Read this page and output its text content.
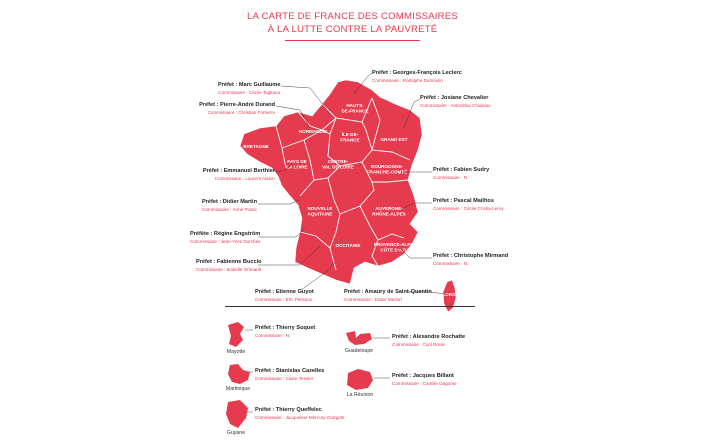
LA CARTE DE FRANCE DES COMMISSAIRES
À LA LUTTE CONTRE LA PAUVRETÉ
HAUTS-DE-FRANCE
NORMANDIE
ÎLE-DE-FRANCE	GRAND EST
BRETAGNE
PAYS DE LA LOIRE
CENTRE-VAL DE LOIRE	BOURGOGNE-FRANCHE-COMTÉ
NOUVELLE AQUITAINE
AUVERGNE-RHÔNE-ALPES
OCCITANIE	PROVENCE-ALPES-CÔTE D'AZUR
CORSE
Préfet : Georges-François Leclerc
Commissaire : Rodolphe Dumoulin
Préfet : Marc Guillaume
Commissaire : Cécile Tagliana
Préfet : Pierre-André Durand
Commissaire : Christian Fortierre
Préfet : Josiane Chevalier
Commissaire : Antonithia Chabeau
Préfet : Emmanuel Berthier
Commissaire : Laurent Alaton
Préfet : Fabien Sudry
Commissaire : N.
Préfet : Pascal Mailhos
Commissaire : Cécile Cristia-Leroy
Préfet : Didier Martin
Commissaire : Anne Postic
Préfète : Régine Engström
Commissaire : Jean-Yves Dorches
Préfet : Fabienne Buccio
Commissaire : Isabelle Grimault
Préfet : Christophe Mirmand
Commissaire : N.
Préfet : Etienne Guyot
Commissaire : Eric Pelisson
Préfet : Amaury de Saint-Quentin
Commissaire : Didier Medori
Préfet : Thierry Suquet
Commissaire : N.
Mayotte
Préfet : Alexandre Rochatte
Commissaire : Cyril Roule
Guadeloupe
Préfet : Stanislas Cazelles
Commissaire : Claire Tessier
Martinique
Préfet : Jacques Billant
Commissaire : Camille Dagome
La Réunion
Préfet : Thierry Queffelec
Commissaire : Jacqueline Mercury-Giorgetti
Guyane
